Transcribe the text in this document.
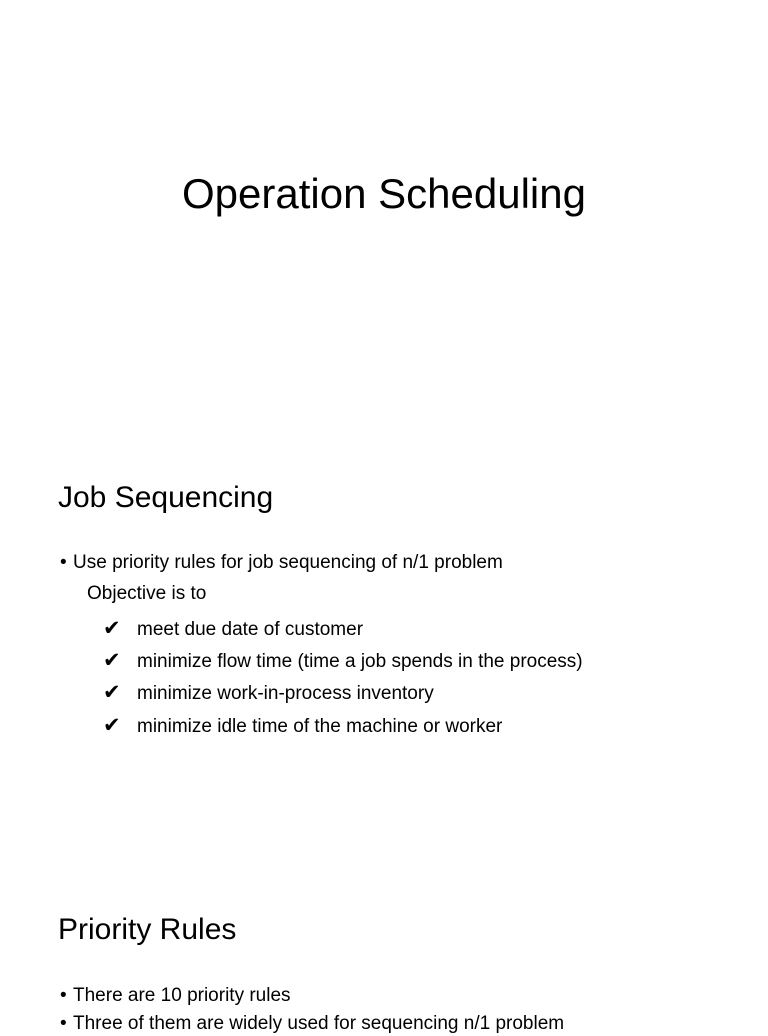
Operation Scheduling
Job Sequencing
• Use priority rules for job sequencing of n/1 problem
Objective is to
✔ meet due date of customer
✔ minimize flow time (time a job spends in the process)
✔ minimize work-in-process inventory
✔ minimize idle time of the machine or worker
Priority Rules
• There are 10 priority rules
• Three of them are widely used for sequencing n/1 problem
